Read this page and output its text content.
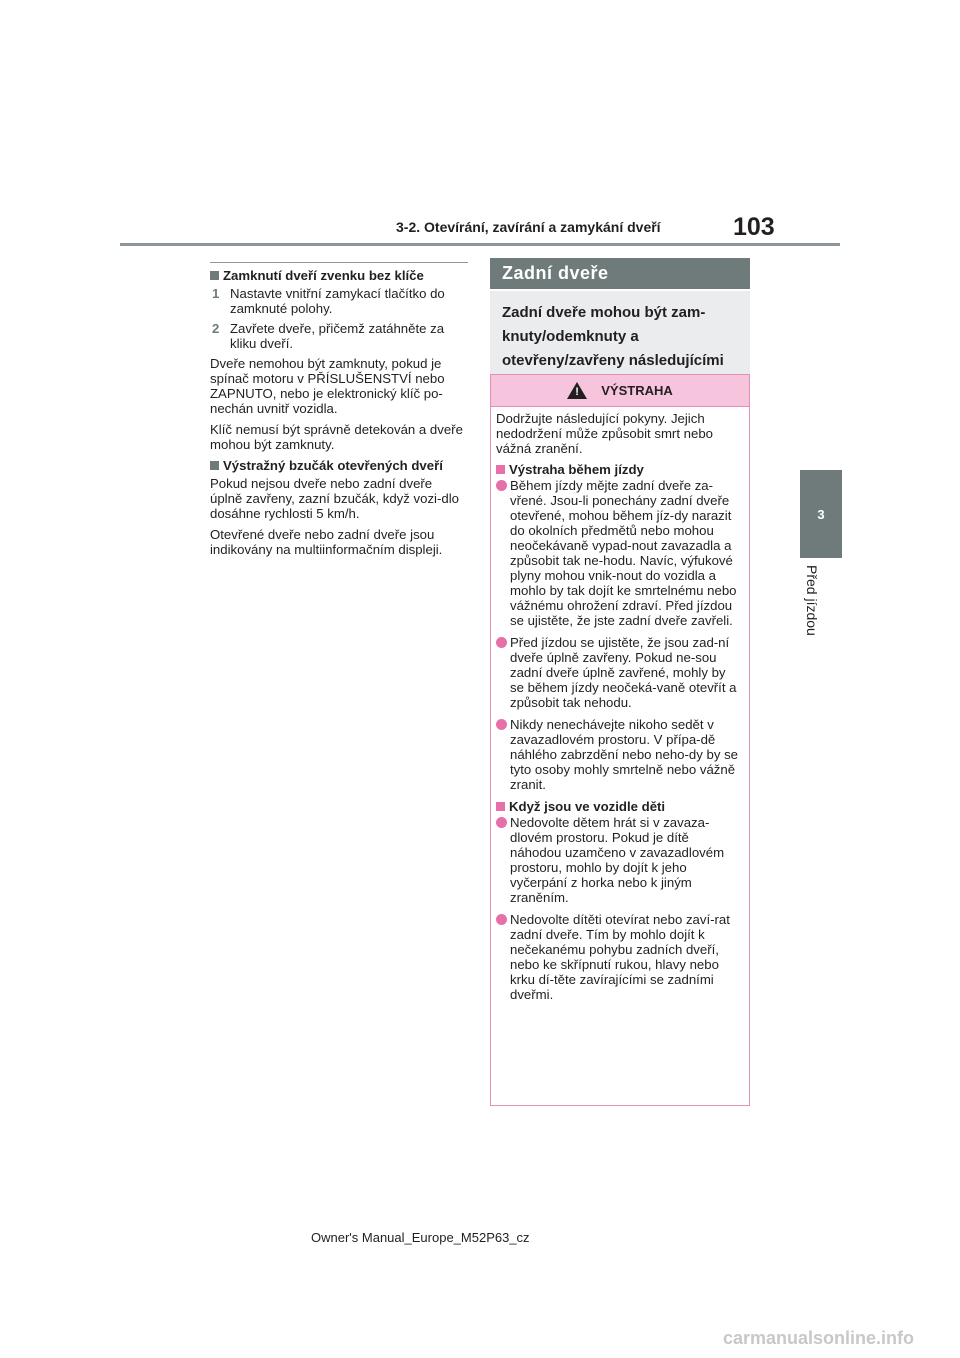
3-2. Otevírání, zavírání a zamykání dveří	103
3
Před jízdou
Zamknutí dveří zvenku bez klíče
1 Nastavte vnitřní zamykací tlačítko do zamknuté polohy.
2 Zavřete dveře, přičemž zatáhněte za kliku dveří.
Dveře nemohou být zamknuty, pokud je spínač motoru v PŘÍSLUŠENSTVÍ nebo ZAPNUTO, nebo je elektronický klíč po-nechán uvnitř vozidla.
Klíč nemusí být správně detekován a dveře mohou být zamknuty.
Výstražný bzučák otevřených dveří
Pokud nejsou dveře nebo zadní dveře úplně zavřeny, zazní bzučák, když vozi-dlo dosáhne rychlosti 5 km/h.
Otevřené dveře nebo zadní dveře jsou indikovány na multiinformačním displeji.
Zadní dveře
Zadní dveře mohou být zam-knuty/odemknuty a otevřeny/zavřeny následujícími
!
VÝSTRAHA
Dodržujte následující pokyny. Jejich nedodržení může způsobit smrt nebo vážná zranění.
Výstraha během jízdy
Během jízdy mějte zadní dveře za-vřené. Jsou-li ponechány zadní dveře otevřené, mohou během jíz-dy narazit do okolních předmětů nebo mohou neočekávaně vypad-nout zavazadla a způsobit tak ne-hodu. Navíc, výfukové plyny mohou vnik-nout do vozidla a mohlo by tak dojít ke smrtelnému nebo vážnému ohrožení zdraví. Před jízdou se ujistěte, že jste zadní dveře zavřeli.
Před jízdou se ujistěte, že jsou zad-ní dveře úplně zavřeny. Pokud ne-sou zadní dveře úplně zavřené, mohly by se během jízdy neočeká-vaně otevřít a způsobit tak nehodu.
Nikdy nenechávejte nikoho sedět v zavazadlovém prostoru. V přípa-dě náhlého zabrzdění nebo neho-dy by se tyto osoby mohly smrtelně nebo vážně zranit.
Když jsou ve vozidle děti
Nedovolte dětem hrát si v zavaza-dlovém prostoru. Pokud je dítě náhodou uzamčeno v zavazadlovém prostoru, mohlo by dojít k jeho vyčerpání z horka nebo k jiným zraněním.
Nedovolte dítěti otevírat nebo zaví-rat zadní dveře. Tím by mohlo dojít k nečekanému pohybu zadních dveří, nebo ke skřípnutí rukou, hlavy nebo krku dí-těte zavírajícími se zadními dveřmi.
Owner's Manual_Europe_M52P63_cz
carmanualsonline.info
